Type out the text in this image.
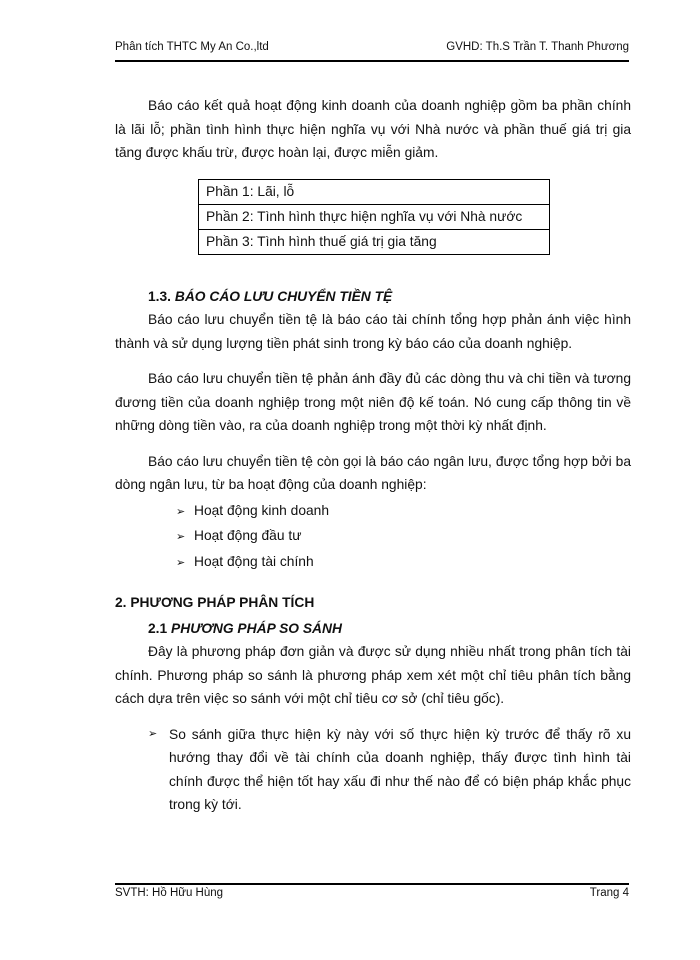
Phân tích THTC My An Co.,ltd	GVHD: Th.S Trần T. Thanh Phương

Báo cáo kết quả hoạt động kinh doanh của doanh nghiệp gồm ba phần chính là lãi lỗ; phần tình hình thực hiện nghĩa vụ với Nhà nước và phần thuế giá trị gia tăng được khấu trừ, được hoàn lại, được miễn giảm.

Phần 1: Lãi, lỗ
Phần 2: Tình hình thực hiện nghĩa vụ với Nhà nước
Phần 3: Tình hình thuế giá trị gia tăng
1.3. BÁO CÁO LƯU CHUYỂN TIỀN TỆ

Báo cáo lưu chuyển tiền tệ là báo cáo tài chính tổng hợp phản ánh việc hình thành và sử dụng lượng tiền phát sinh trong kỳ báo cáo của doanh nghiệp.

Báo cáo lưu chuyển tiền tệ phản ánh đầy đủ các dòng thu và chi tiền và tương đương tiền của doanh nghiệp trong một niên độ kế toán. Nó cung cấp thông tin về những dòng tiền vào, ra của doanh nghiệp trong một thời kỳ nhất định.

Báo cáo lưu chuyển tiền tệ còn gọi là báo cáo ngân lưu, được tổng hợp bởi ba dòng ngân lưu, từ ba hoạt động của doanh nghiệp:

➢ Hoạt động kinh doanh
➢ Hoạt động đầu tư
➢ Hoạt động tài chính
2. PHƯƠNG PHÁP PHÂN TÍCH
2.1 PHƯƠNG PHÁP SO SÁNH

Đây là phương pháp đơn giản và được sử dụng nhiều nhất trong phân tích tài chính. Phương pháp so sánh là phương pháp xem xét một chỉ tiêu phân tích bằng cách dựa trên việc so sánh với một chỉ tiêu cơ sở (chỉ tiêu gốc).

➢ So sánh giữa thực hiện kỳ này với số thực hiện kỳ trước để thấy rõ xu hướng thay đổi về tài chính của doanh nghiệp, thấy được tình hình tài chính được thể hiện tốt hay xấu đi như thế nào để có biện pháp khắc phục trong kỳ tới.
SVTH: Hồ Hữu Hùng	Trang 4
